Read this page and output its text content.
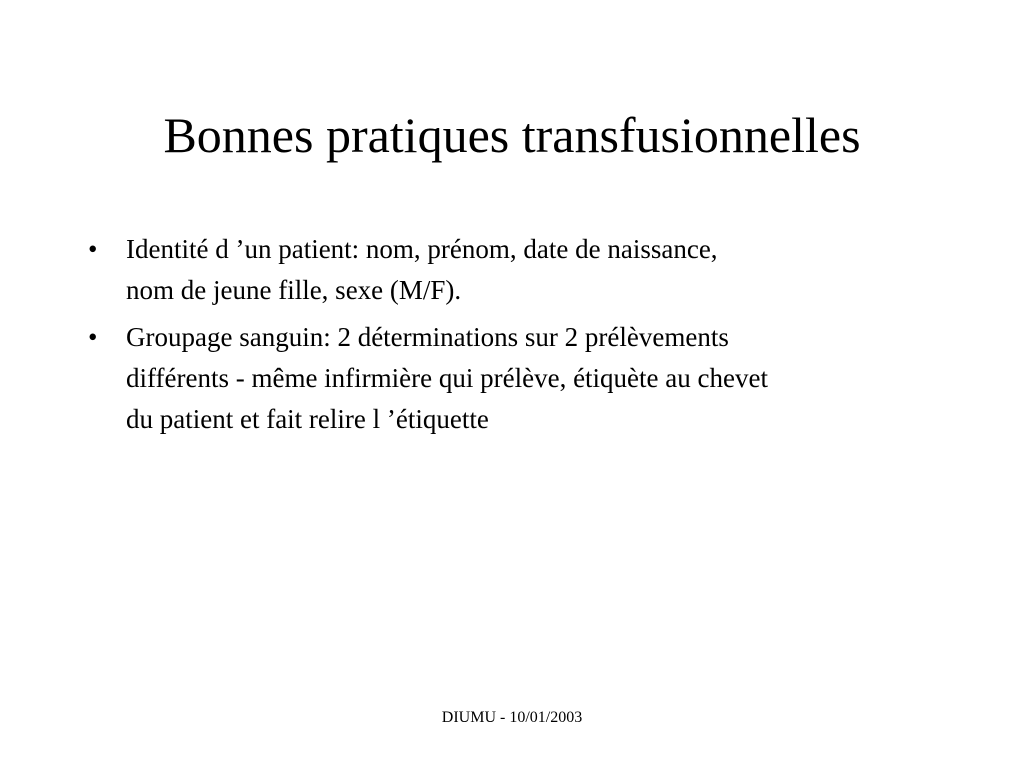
Bonnes pratiques transfusionnelles
• Identité d ’un patient: nom, prénom, date de naissance,
nom de jeune fille, sexe (M/F).
• Groupage sanguin: 2 déterminations sur 2 prélèvements
différents - même infirmière qui prélève, étiquète au chevet
du patient et fait relire l ’étiquette
DIUMU - 10/01/2003
